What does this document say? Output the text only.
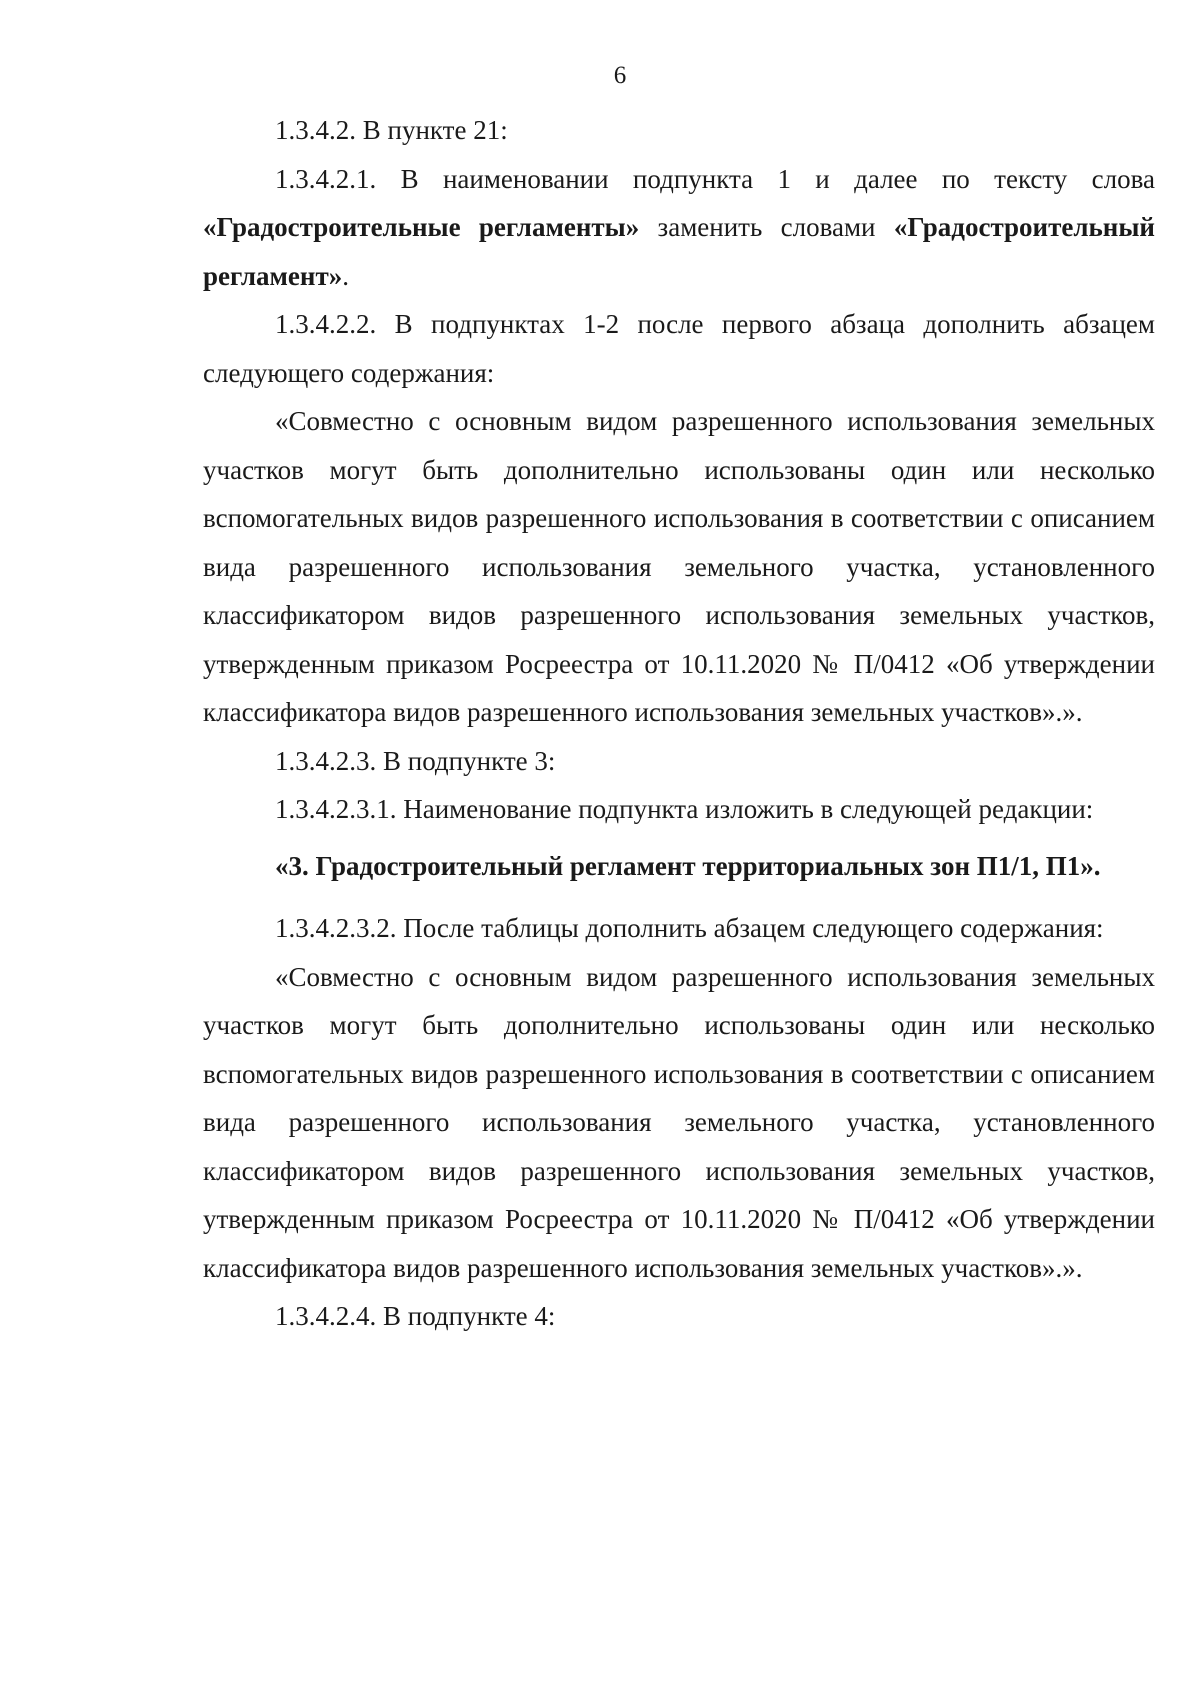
6

1.3.4.2. В пункте 21:

1.3.4.2.1. В наименовании подпункта 1 и далее по тексту слова «Градостроительные регламенты» заменить словами «Градостроительный регламент».

1.3.4.2.2. В подпунктах 1-2 после первого абзаца дополнить абзацем следующего содержания:

«Совместно с основным видом разрешенного использования земельных участков могут быть дополнительно использованы один или несколько вспомогательных видов разрешенного использования в соответствии с описанием вида разрешенного использования земельного участка, установленного классификатором видов разрешенного использования земельных участков, утвержденным приказом Росреестра от 10.11.2020 № П/0412 «Об утверждении классификатора видов разрешенного использования земельных участков».».

1.3.4.2.3. В подпункте 3:

1.3.4.2.3.1. Наименование подпункта изложить в следующей редакции:

«3. Градостроительный регламент территориальных зон П1/1, П1».

1.3.4.2.3.2. После таблицы дополнить абзацем следующего содержания:

«Совместно с основным видом разрешенного использования земельных участков могут быть дополнительно использованы один или несколько вспомогательных видов разрешенного использования в соответствии с описанием вида разрешенного использования земельного участка, установленного классификатором видов разрешенного использования земельных участков, утвержденным приказом Росреестра от 10.11.2020 № П/0412 «Об утверждении классификатора видов разрешенного использования земельных участков».».

1.3.4.2.4. В подпункте 4:
